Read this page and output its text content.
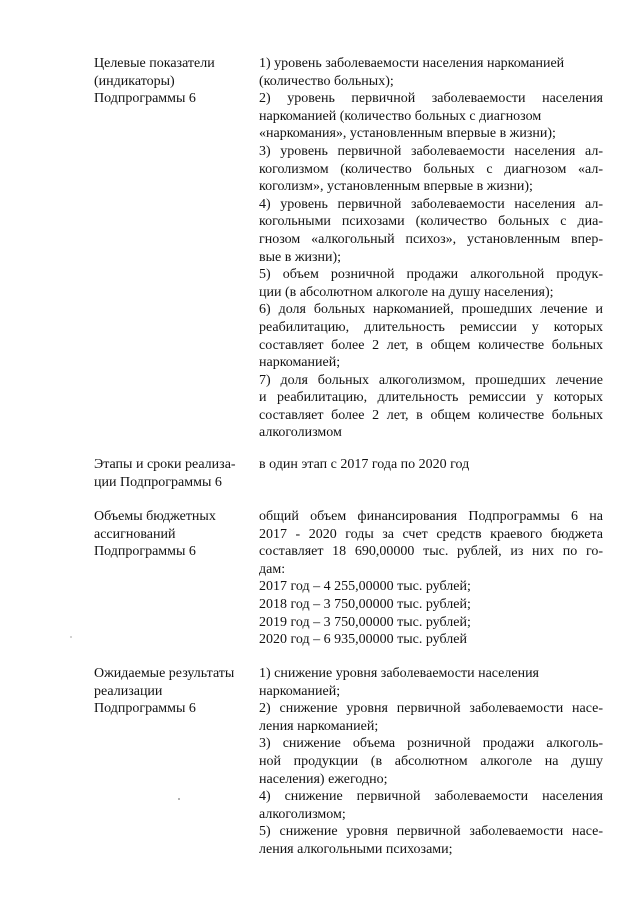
Целевые показатели
(индикаторы)
Подпрограммы 6
1) уровень заболеваемости населения наркоманией
(количество больных);
2) уровень первичной заболеваемости населения
наркоманией (количество больных с диагнозом
«наркомания», установленным впервые в жизни);
3) уровень первичной заболеваемости населения ал-
коголизмом (количество больных с диагнозом «ал-
коголизм», установленным впервые в жизни);
4) уровень первичной заболеваемости населения ал-
когольными психозами (количество больных с диа-
гнозом «алкогольный психоз», установленным впер-
вые в жизни);
5) объем розничной продажи алкогольной продук-
ции (в абсолютном алкоголе на душу населения);
6) доля больных наркоманией, прошедших лечение и
реабилитацию, длительность ремиссии у которых
составляет более 2 лет, в общем количестве больных
наркоманией;
7) доля больных алкоголизмом, прошедших лечение
и реабилитацию, длительность ремиссии у которых
составляет более 2 лет, в общем количестве больных
алкоголизмом
Этапы и сроки реализа-
ции Подпрограммы 6
в один этап с 2017 года по 2020 год
Объемы бюджетных
ассигнований
Подпрограммы 6
общий объем финансирования Подпрограммы 6 на
2017 - 2020 годы за счет средств краевого бюджета
составляет 18 690,00000 тыс. рублей, из них по го-
дам:
2017 год – 4 255,00000 тыс. рублей;
2018 год – 3 750,00000 тыс. рублей;
2019 год – 3 750,00000 тыс. рублей;
2020 год – 6 935,00000 тыс. рублей
Ожидаемые результаты
реализации
Подпрограммы 6
1) снижение уровня заболеваемости населения
наркоманией;
2) снижение уровня первичной заболеваемости насе-
ления наркоманией;
3) снижение объема розничной продажи алкоголь-
ной продукции (в абсолютном алкоголе на душу
населения) ежегодно;
4) снижение первичной заболеваемости населения
алкоголизмом;
5) снижение уровня первичной заболеваемости насе-
ления алкогольными психозами;
